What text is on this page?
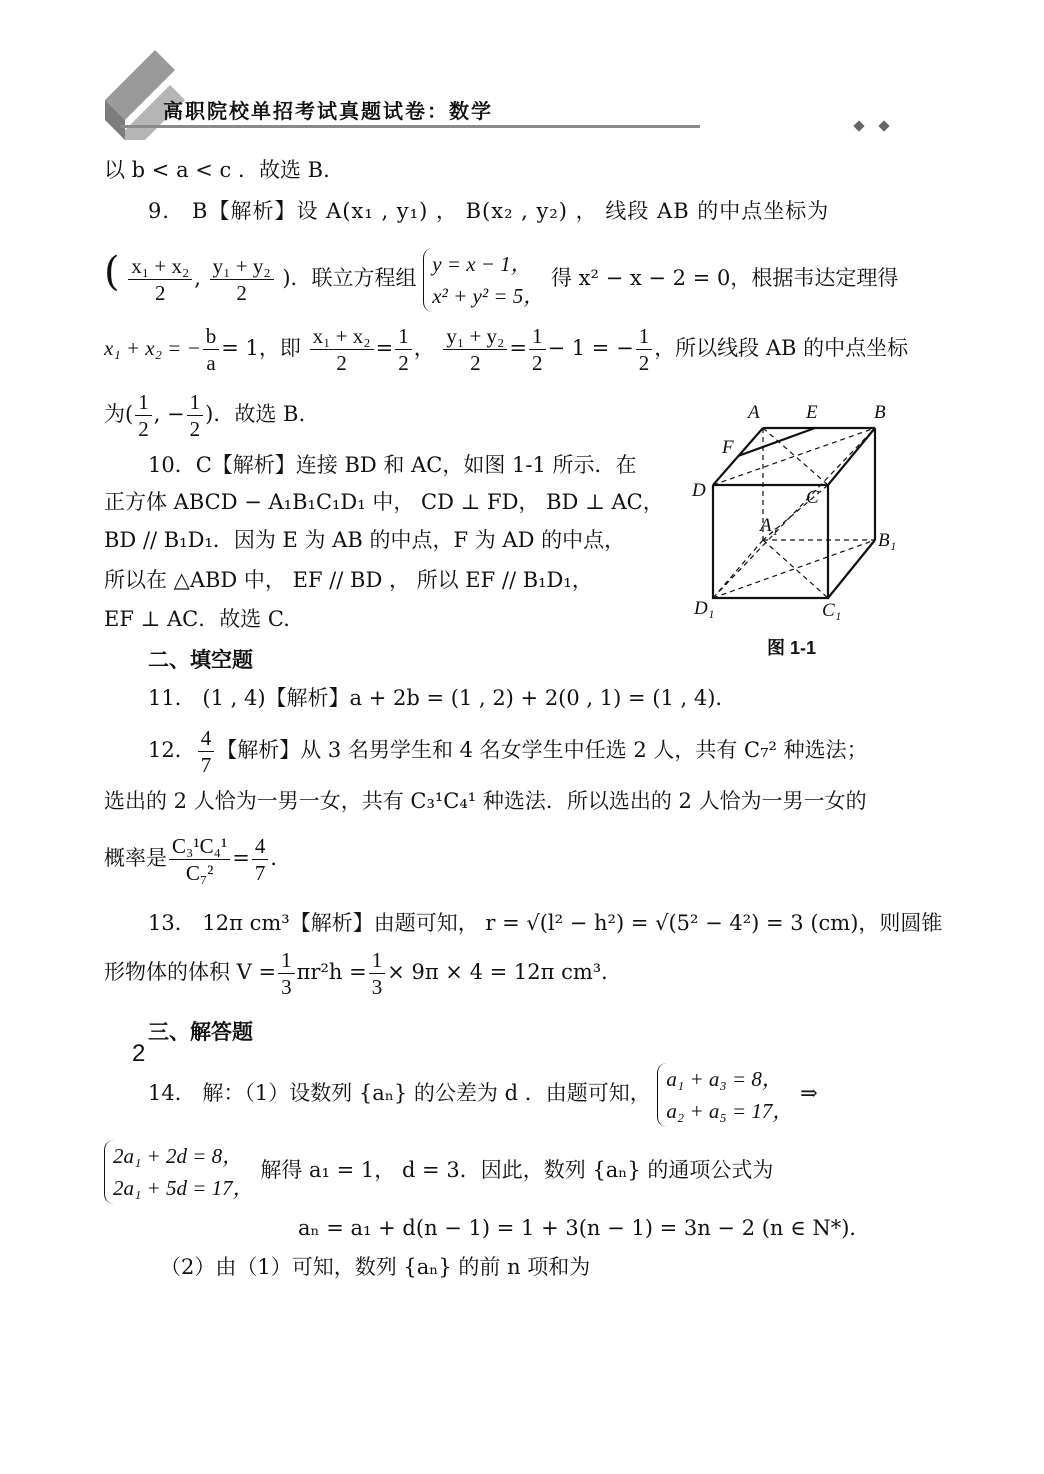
高职院校单招考试真题试卷：数学
以 b < a < c ．故选 B.
9． B【解析】设 A(x₁ , y₁) ， B(x₂ , y₂) ， 线段 AB 的中点坐标为
( $\frac{\text{x₁ + x₂}}{2}$ , $\frac{\text{y₁ + y₂}}{2}$ )．联立方程组
y = x − 1，
x² + y² = 5，
得 x² − x − 2 = 0，根据韦达定理得
x₁ + x₂ = − $\frac{b}{a} = 1$，即 $\frac{\text{x₁ + x₂}}{2} = \frac{1}{2}$ ， $\frac{\text{y₁ + y₂}}{2} = \frac{1}{2} - 1$ = − $\frac{1}{2}$ ，所以线段 AB 的中点坐标
为( $\frac{1}{2}$ , − $\frac{1}{2}$ )．故选 B.
10．C【解析】连接 BD 和 AC，如图 1-1 所示．在
正方体 ABCD − A₁B₁C₁D₁ 中， CD ⊥ FD， BD ⊥ AC，
BD // B₁D₁．因为 E 为 AB 的中点，F 为 AD 的中点，
所以在 △ABD 中， EF // BD ， 所以 EF // B₁D₁，
EF ⊥ AC．故选 C.
A E	B
F
D	C
A₁
B₁
D₁	C₁
图 1-1
二、填空题
11． (1 , 4)【解析】a + 2b = (1 , 2) + 2(0 , 1) = (1 , 4)．
12． $\frac{4}{7}$ 【解析】从 3 名男学生和 4 名女学生中任选 2 人，共有 C₇² 种选法；
选出的 2 人恰为一男一女，共有 C₃¹C₄¹ 种选法．所以选出的 2 人恰为一男一女的
概率是 $\frac{\text{C₃¹C₄¹}}{\text{C₇²}} = \frac{4}{7}$ ．
13． 12π cm³【解析】由题可知， r = √(l² − h²) = √(5² − 4²) = 3 (cm)，则圆锥
形物体的体积 $V = \frac{1}{3} \pi r^2h = \frac{1}{3} \times 9\pi \times 4 = 12\pi$ cm³．
三、解答题
14． 解：（1）设数列 {aₙ} 的公差为 d ．由题可知，
a₁ + a₃ = 8，
a₂ + a₅ = 17，
⇒
2a₁ + 2d = 8，
2a₁ + 5d = 17，
解得 a₁ = 1， d = 3．因此，数列 {aₙ} 的通项公式为
aₙ = a₁ + d(n − 1) = 1 + 3(n − 1) = 3n − 2 (n ∈ N*)．
（2）由（1）可知，数列 {aₙ} 的前 n 项和为
2
